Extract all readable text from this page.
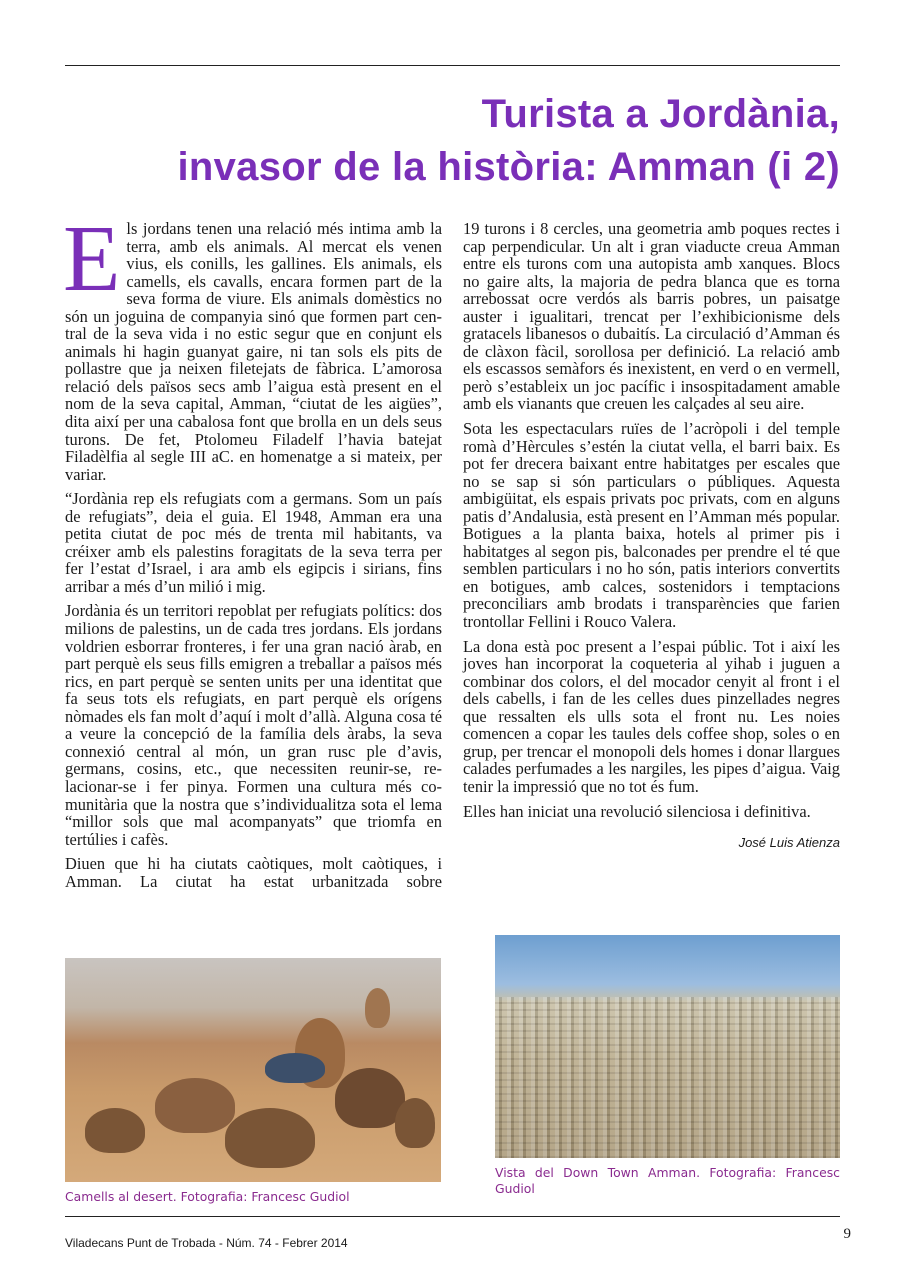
Turista a Jordània,
invasor de la història: Amman (i 2)

Els jordans tenen una relació més intima amb la terra, amb els animals. Al mercat els venen vius, els conills, les gallines. Els animals, els camells, els cavalls, encara formen part de la seva forma de viure. Els animals domèstics no són un joguina de companyia sinó que formen part central de la seva vida i no estic segur que en conjunt els animals hi hagin guanyat gaire, ni tan sols els pits de pollastre que ja neixen filetejats de fàbrica. L’amorosa relació dels països secs amb l’aigua està present en el nom de la seva capital, Amman, “ciutat de les aigües”, dita així per una cabalosa font que brolla en un dels seus turons. De fet, Ptolomeu Filadelf l’havia batejat Filadèlfia al segle III aC. en homenatge a si mateix, per variar.

“Jordània rep els refugiats com a germans. Som un país de refugiats”, deia el guia. El 1948, Amman era una petita ciutat de poc més de trenta mil habitants, va créixer amb els palestins foragitats de la seva terra per fer l’estat d’Israel, i ara amb els egipcis i sirians, fins arribar a més d’un milió i mig.

Jordània és un territori repoblat per refugiats polítics: dos milions de palestins, un de cada tres jordans. Els jordans voldrien esborrar fronteres, i fer una gran nació àrab, en part perquè els seus fills emigren a treballar a països més rics, en part perquè se senten units per una identitat que fa seus tots els refugiats, en part perquè els orígens nòmades els fan molt d’aquí i molt d’allà. Alguna cosa té a veure la concepció de la família dels àrabs, la seva connexió central al món, un gran rusc ple d’avis, germans, cosins, etc., que necessiten reunir-se, relacionar-se i fer pinya. Formen una cultura més comunitària que la nostra que s’individualitza sota el lema “millor sols que mal acompanyats” que triomfa en tertúlies i cafès.

Diuen que hi ha ciutats caòtiques, molt caòtiques, i Amman. La ciutat ha estat urbanitzada sobre

19 turons i 8 cercles, una geometria amb poques rectes i cap perpendicular. Un alt i gran viaducte creua Amman entre els turons com una autopista amb xanques. Blocs no gaire alts, la majoria de pedra blanca que es torna arrebossat ocre verdós als barris pobres, un paisatge auster i igualitari, trencat per l’exhibicionisme dels gratacels libanesos o dubaitís. La circulació d’Amman és de clàxon fàcil, sorollosa per definició. La relació amb els escassos semàfors és inexistent, en verd o en vermell, però s’estableix un joc pacífic i insospitadament amable amb els vianants que creuen les calçades al seu aire.

Sota les espectaculars ruïes de l’acròpoli i del temple romà d’Hèrcules s’estén la ciutat vella, el barri baix. Es pot fer drecera baixant entre habitatges per escales que no se sap si són particulars o públiques. Aquesta ambigüitat, els espais privats poc privats, com en alguns patis d’Andalusia, està present en l’Amman més popular. Botigues a la planta baixa, hotels al primer pis i habitatges al segon pis, balconades per prendre el té que semblen particulars i no ho són, patis interiors convertits en botigues, amb calces, sostenidors i temptacions preconciliars amb brodats i transparències que farien trontollar Fellini i Rouco Valera.

La dona està poc present a l’espai públic. Tot i així les joves han incorporat la coqueteria al yihab i juguen a combinar dos colors, el del mocador cenyit al front i el dels cabells, i fan de les celles dues pinzellades negres que ressalten els ulls sota el front nu. Les noies comencen a copar les taules dels coffee shop, soles o en grup, per trencar el monopoli dels homes i donar llargues calades perfumades a les nargiles, les pipes d’aigua. Vaig tenir la impressió que no tot és fum.

Elles han iniciat una revolució silenciosa i definitiva.

José Luis Atienza
Camells al desert. Fotografia: Francesc Gudiol
Vista del Down Town Amman. Fotografia: Francesc Gudiol
Viladecans Punt de Trobada - Núm. 74 - Febrer 2014
9
